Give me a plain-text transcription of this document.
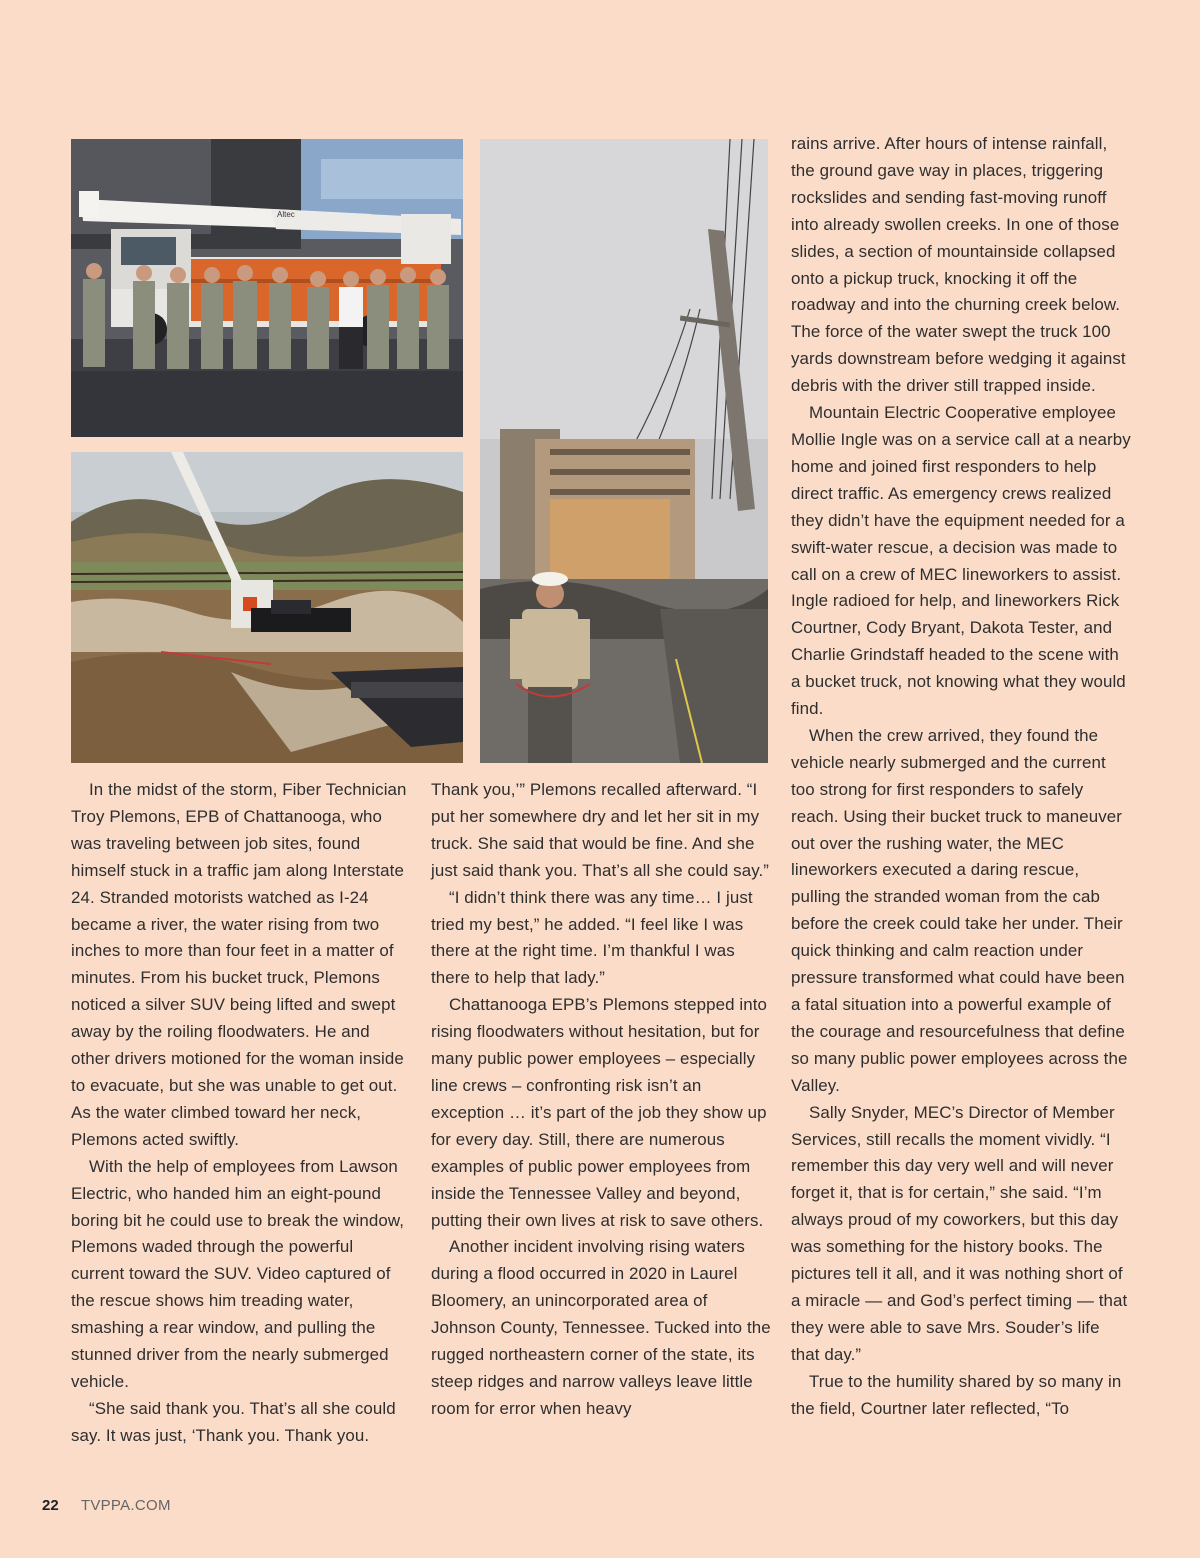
Altec

In the midst of the storm, Fiber Technician Troy Plemons, EPB of Chattanooga, who was traveling between job sites, found himself stuck in a traffic jam along Interstate 24. Stranded motorists watched as I-24 became a river, the water rising from two inches to more than four feet in a matter of minutes. From his bucket truck, Plemons noticed a silver SUV being lifted and swept away by the roiling floodwaters. He and other drivers motioned for the woman inside to evacuate, but she was unable to get out. As the water climbed toward her neck, Plemons acted swiftly.

With the help of employees from Lawson Electric, who handed him an eight-pound boring bit he could use to break the window, Plemons waded through the powerful current toward the SUV. Video captured of the rescue shows him treading water, smashing a rear window, and pulling the stunned driver from the nearly submerged vehicle.

“She said thank you. That’s all she could say. It was just, ‘Thank you. Thank you.

Thank you,’” Plemons recalled afterward. “I put her somewhere dry and let her sit in my truck. She said that would be fine. And she just said thank you. That’s all she could say.”

“I didn’t think there was any time… I just tried my best,” he added. “I feel like I was there at the right time. I’m thankful I was there to help that lady.”

Chattanooga EPB’s Plemons stepped into rising floodwaters without hesitation, but for many public power employees – especially line crews – confronting risk isn’t an exception … it’s part of the job they show up for every day. Still, there are numerous examples of public power employees from inside the Tennessee Valley and beyond, putting their own lives at risk to save others.

Another incident involving rising waters during a flood occurred in 2020 in Laurel Bloomery, an unincorporated area of Johnson County, Tennessee. Tucked into the rugged northeastern corner of the state, its steep ridges and narrow valleys leave little room for error when heavy

rains arrive. After hours of intense rainfall, the ground gave way in places, triggering rockslides and sending fast-moving runoff into already swollen creeks. In one of those slides, a section of mountainside collapsed onto a pickup truck, knocking it off the roadway and into the churning creek below. The force of the water swept the truck 100 yards downstream before wedging it against debris with the driver still trapped inside.

Mountain Electric Cooperative employee Mollie Ingle was on a service call at a nearby home and joined first responders to help direct traffic. As emergency crews realized they didn’t have the equipment needed for a swift-water rescue, a decision was made to call on a crew of MEC lineworkers to assist. Ingle radioed for help, and lineworkers Rick Courtner, Cody Bryant, Dakota Tester, and Charlie Grindstaff headed to the scene with a bucket truck, not knowing what they would find.

When the crew arrived, they found the vehicle nearly submerged and the current too strong for first responders to safely reach. Using their bucket truck to maneuver out over the rushing water, the MEC lineworkers executed a daring rescue, pulling the stranded woman from the cab before the creek could take her under. Their quick thinking and calm reaction under pressure transformed what could have been a fatal situation into a powerful example of the courage and resourcefulness that define so many public power employees across the Valley.

Sally Snyder, MEC’s Director of Member Services, still recalls the moment vividly. “I remember this day very well and will never forget it, that is for certain,” she said. “I’m always proud of my coworkers, but this day was something for the history books. The pictures tell it all, and it was nothing short of a miracle — and God’s perfect timing — that they were able to save Mrs. Souder’s life that day.”

True to the humility shared by so many in the field, Courtner later reflected, “To

22 TVPPA.COM
